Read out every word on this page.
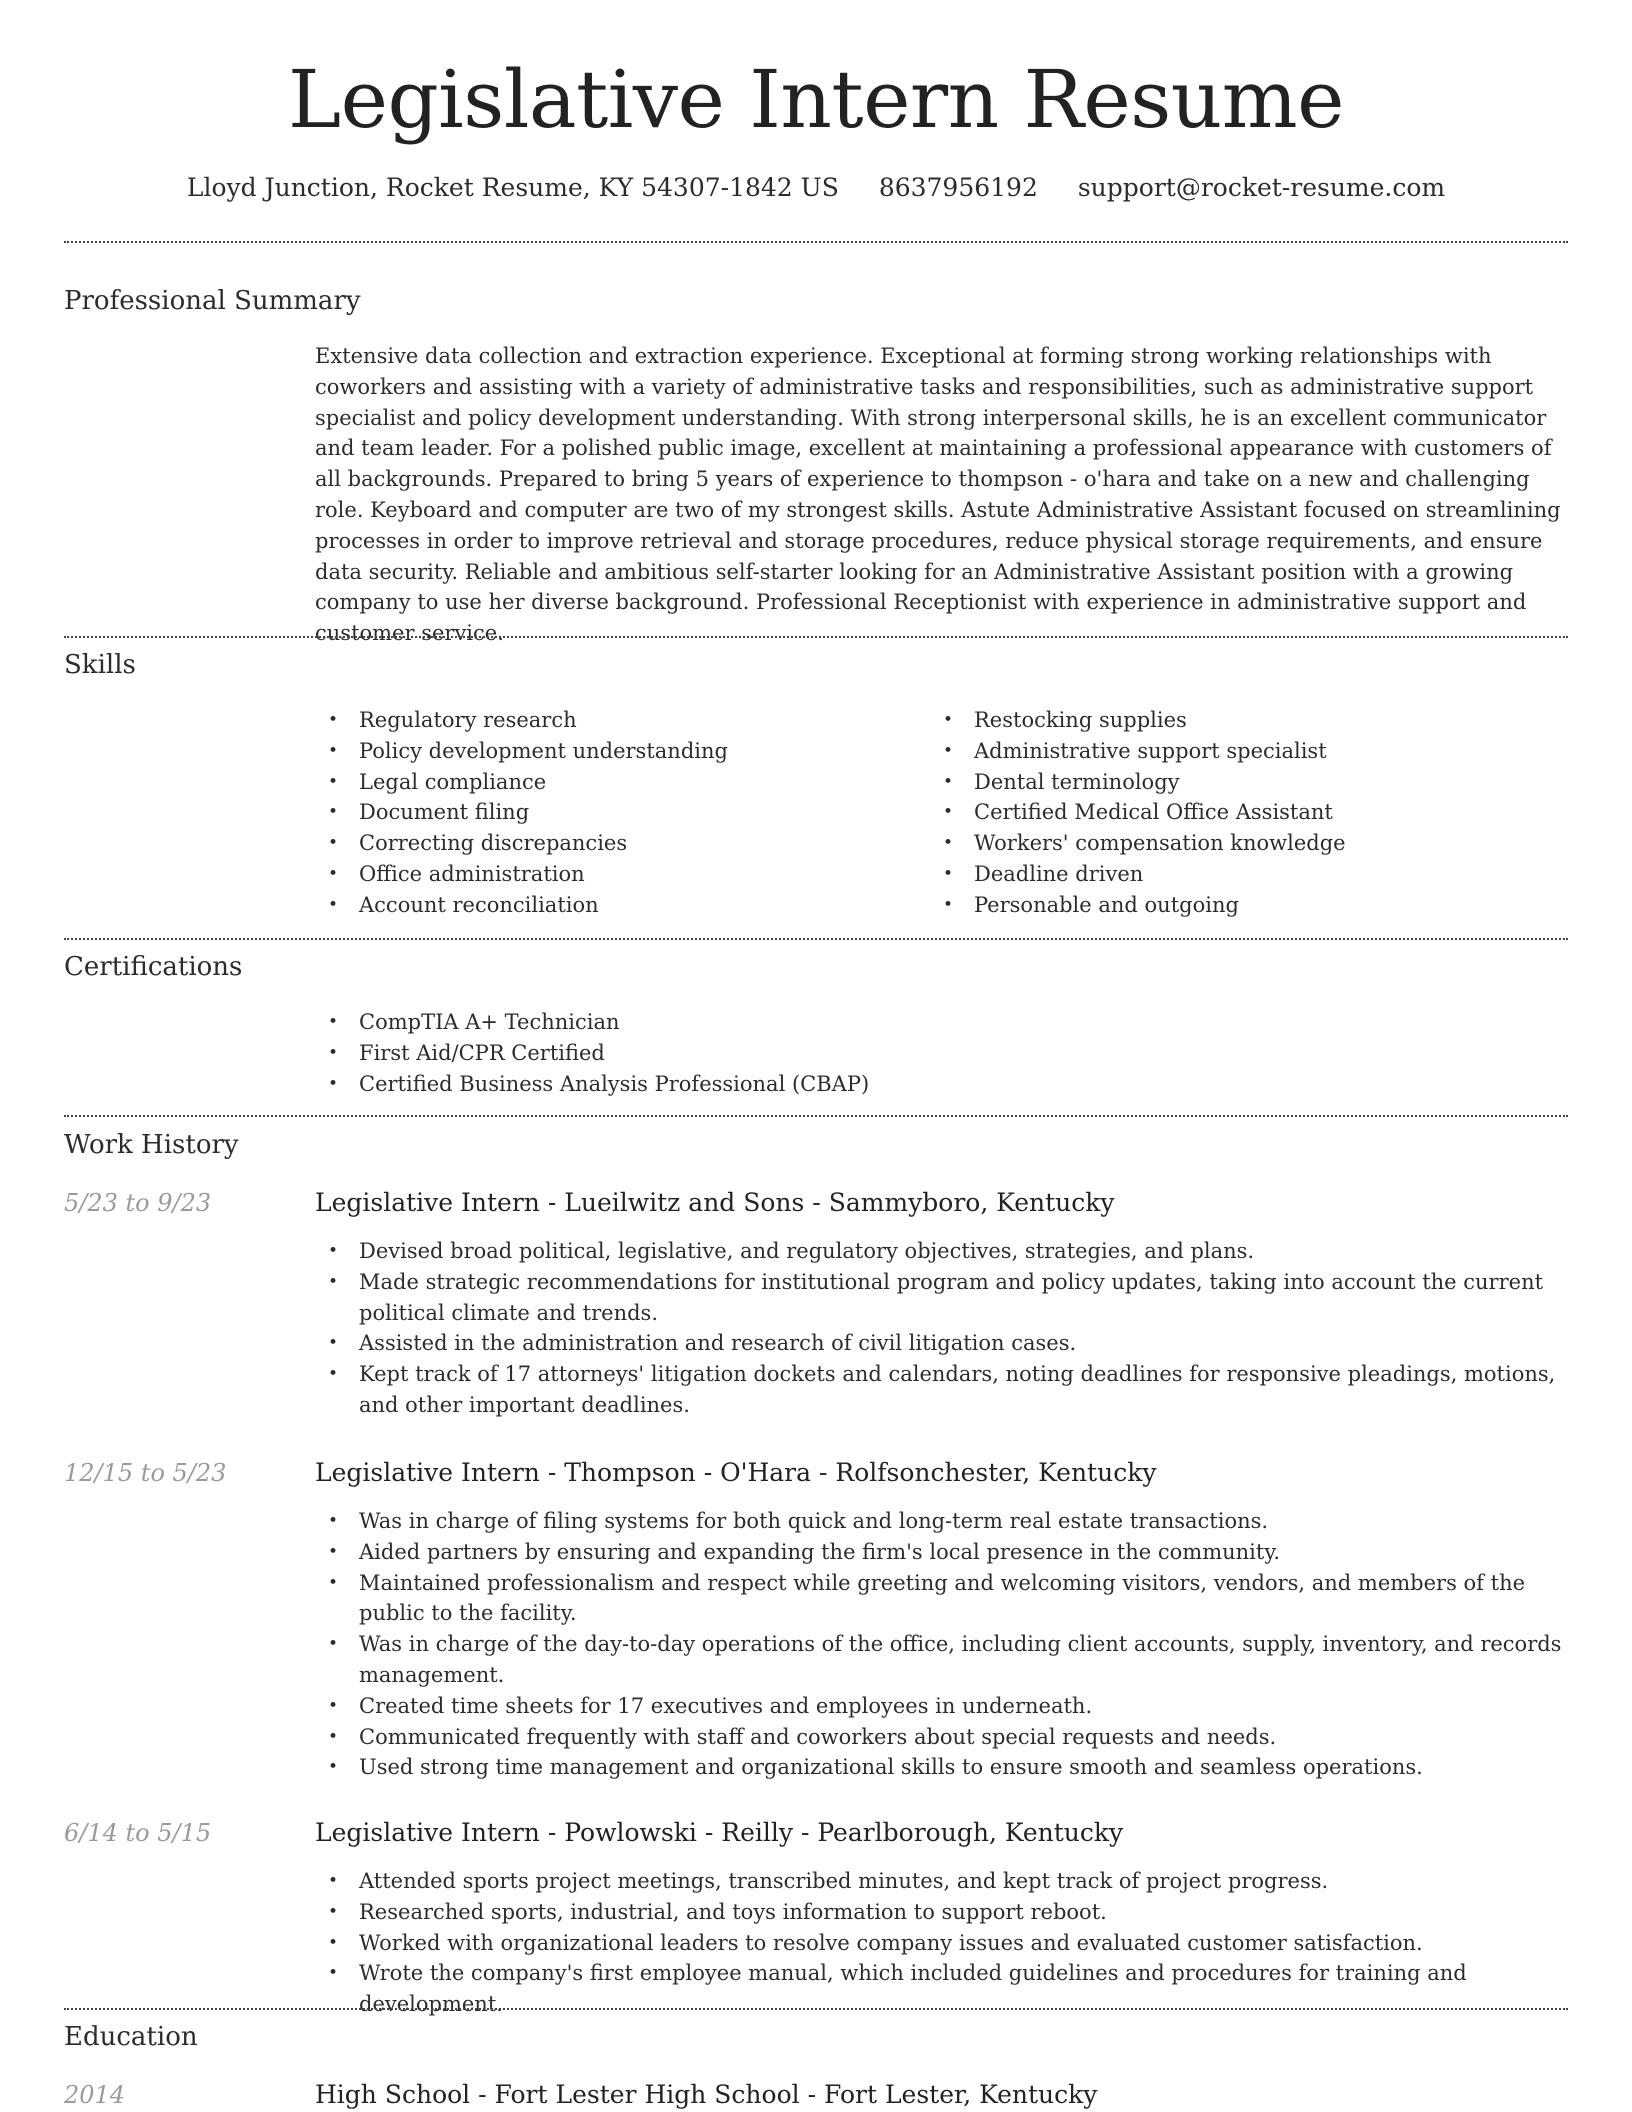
Legislative Intern Resume
Lloyd Junction, Rocket Resume, KY 54307-1842 US 8637956192 support@rocket-resume.com
Professional Summary

Extensive data collection and extraction experience. Exceptional at forming strong working relationships with coworkers and assisting with a variety of administrative tasks and responsibilities, such as administrative support specialist and policy development understanding. With strong interpersonal skills, he is an excellent communicator and team leader. For a polished public image, excellent at maintaining a professional appearance with customers of all backgrounds. Prepared to bring 5 years of experience to thompson - o'hara and take on a new and challenging role. Keyboard and computer are two of my strongest skills. Astute Administrative Assistant focused on streamlining processes in order to improve retrieval and storage procedures, reduce physical storage requirements, and ensure data security. Reliable and ambitious self-starter looking for an Administrative Assistant position with a growing company to use her diverse background. Professional Receptionist with experience in administrative support and customer service.

Skills
• Regulatory research
• Policy development understanding
• Legal compliance
• Document filing
• Correcting discrepancies
• Office administration
• Account reconciliation
• Restocking supplies
• Administrative support specialist
• Dental terminology
• Certified Medical Office Assistant
• Workers' compensation knowledge
• Deadline driven
• Personable and outgoing
Certifications
• CompTIA A+ Technician
• First Aid/CPR Certified
• Certified Business Analysis Professional (CBAP)
Work History
5/23 to 9/23	Legislative Intern - Lueilwitz and Sons - Sammyboro, Kentucky
• Devised broad political, legislative, and regulatory objectives, strategies, and plans.
• Made strategic recommendations for institutional program and policy updates, taking into account the current political climate and trends.
• Assisted in the administration and research of civil litigation cases.
• Kept track of 17 attorneys' litigation dockets and calendars, noting deadlines for responsive pleadings, motions, and other important deadlines.
12/15 to 5/23	Legislative Intern - Thompson - O'Hara - Rolfsonchester, Kentucky
• Was in charge of filing systems for both quick and long-term real estate transactions.
• Aided partners by ensuring and expanding the firm's local presence in the community.
• Maintained professionalism and respect while greeting and welcoming visitors, vendors, and members of the public to the facility.
• Was in charge of the day-to-day operations of the office, including client accounts, supply, inventory, and records management.
• Created time sheets for 17 executives and employees in underneath.
• Communicated frequently with staff and coworkers about special requests and needs.
• Used strong time management and organizational skills to ensure smooth and seamless operations.
6/14 to 5/15	Legislative Intern - Powlowski - Reilly - Pearlborough, Kentucky
• Attended sports project meetings, transcribed minutes, and kept track of project progress.
• Researched sports, industrial, and toys information to support reboot.
• Worked with organizational leaders to resolve company issues and evaluated customer satisfaction.
• Wrote the company's first employee manual, which included guidelines and procedures for training and development.
Education
2014	High School - Fort Lester High School - Fort Lester, Kentucky
